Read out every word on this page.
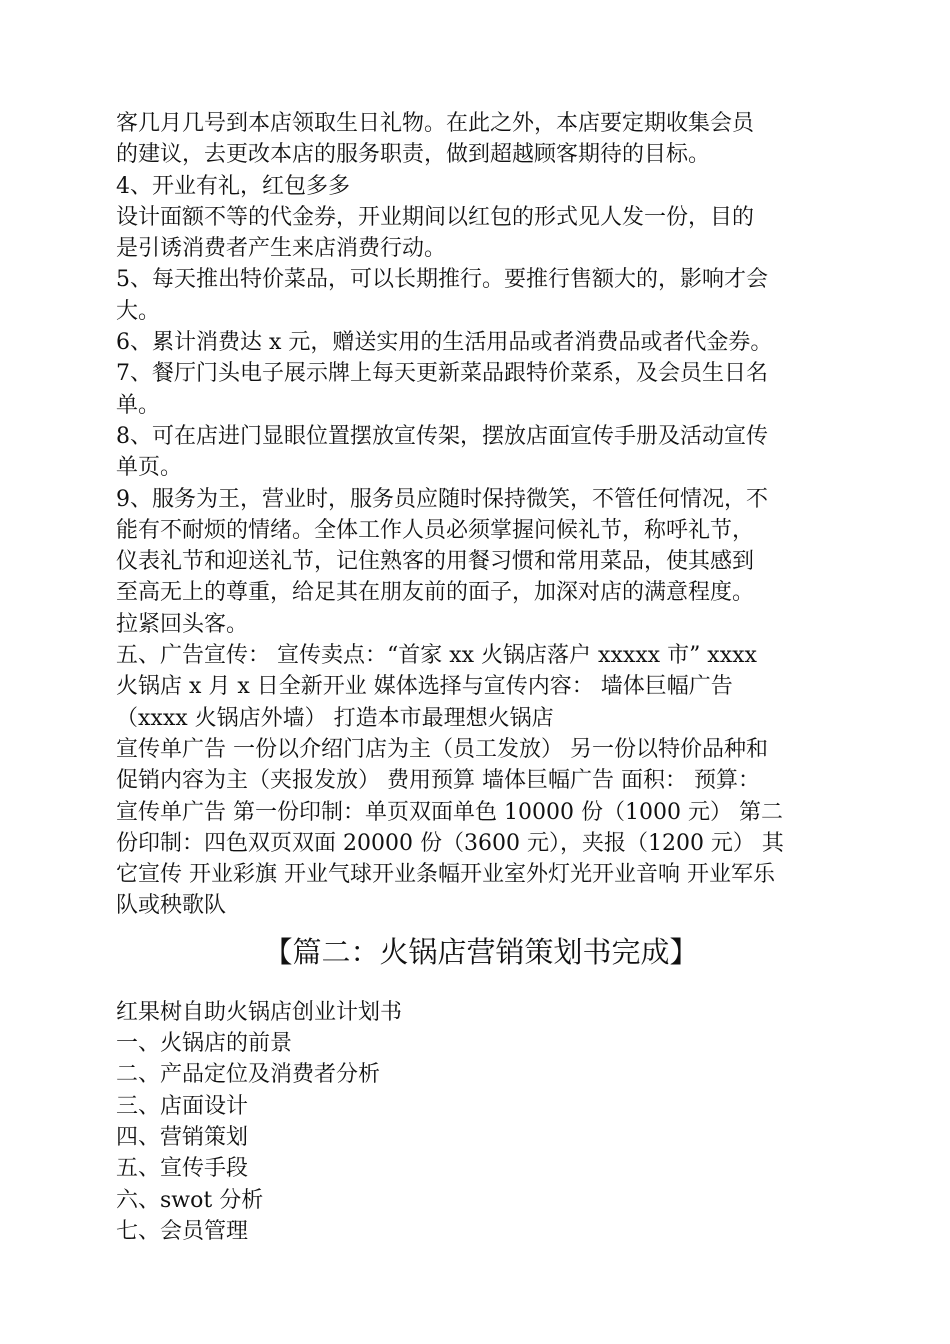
客几月几号到本店领取生日礼物。在此之外，本店要定期收集会员
的建议，去更改本店的服务职责，做到超越顾客期待的目标。
4、开业有礼，红包多多
设计面额不等的代金券，开业期间以红包的形式见人发一份，目的
是引诱消费者产生来店消费行动。
5、每天推出特价菜品，可以长期推行。要推行售额大的，影响才会
大。
6、累计消费达 x 元，赠送实用的生活用品或者消费品或者代金券。
7、餐厅门头电子展示牌上每天更新菜品跟特价菜系，及会员生日名
单。
8、可在店进门显眼位置摆放宣传架，摆放店面宣传手册及活动宣传
单页。
9、服务为王，营业时，服务员应随时保持微笑，不管任何情况，不
能有不耐烦的情绪。全体工作人员必须掌握问候礼节，称呼礼节，
仪表礼节和迎送礼节，记住熟客的用餐习惯和常用菜品，使其感到
至高无上的尊重，给足其在朋友前的面子，加深对店的满意程度。
拉紧回头客。
五、广告宣传： 宣传卖点：“首家 xx 火锅店落户 xxxxx 市” xxxx
火锅店 x 月 x 日全新开业 媒体选择与宣传内容： 墙体巨幅广告
（xxxx 火锅店外墙） 打造本市最理想火锅店
宣传单广告 一份以介绍门店为主（员工发放） 另一份以特价品种和
促销内容为主（夹报发放） 费用预算 墙体巨幅广告 面积： 预算：
宣传单广告 第一份印制：单页双面单色 10000 份（1000 元） 第二
份印制：四色双页双面 20000 份（3600 元），夹报（1200 元） 其
它宣传 开业彩旗 开业气球开业条幅开业室外灯光开业音响 开业军乐
队或秧歌队
【篇二：火锅店营销策划书完成】
红果树自助火锅店创业计划书
一、火锅店的前景
二、产品定位及消费者分析
三、店面设计
四、营销策划
五、宣传手段
六、swot 分析
七、会员管理
